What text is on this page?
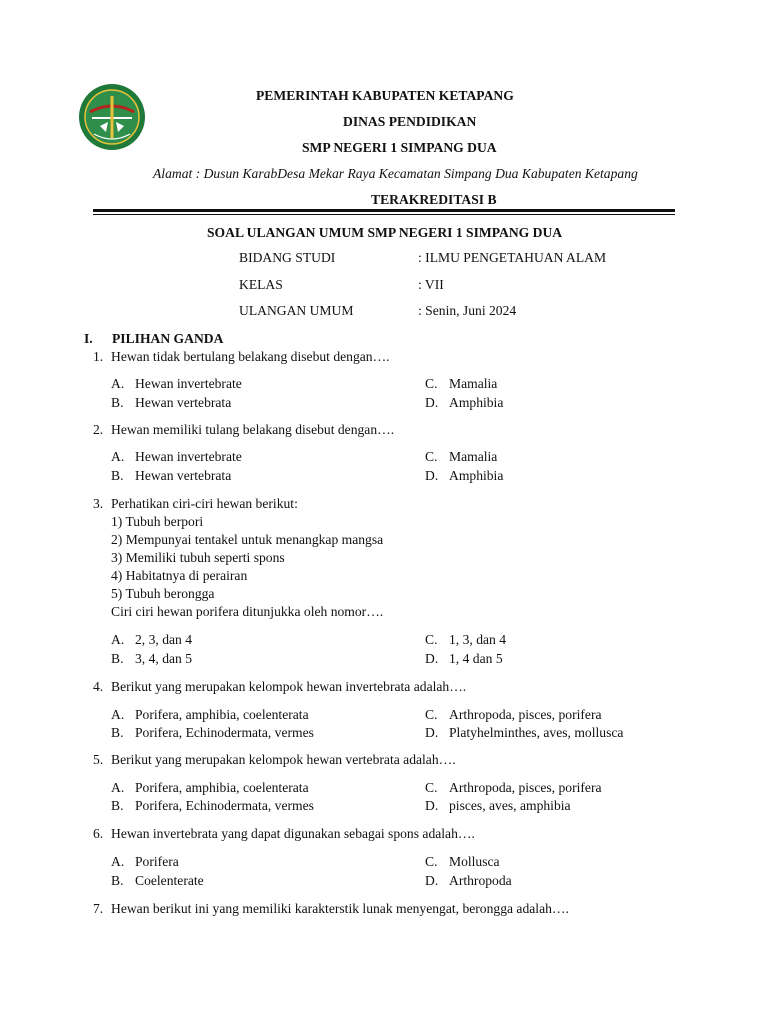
PEMERINTAH KABUPATEN KETAPANG
DINAS PENDIDIKAN
SMP NEGERI 1 SIMPANG DUA
Alamat : Dusun KarabDesa Mekar Raya Kecamatan Simpang Dua Kabupaten Ketapang
TERAKREDITASI B
SOAL ULANGAN UMUM SMP NEGERI 1 SIMPANG DUA
BIDANG STUDI	: ILMU PENGETAHUAN ALAM
KELAS	: VII
ULANGAN UMUM	: Senin, Juni 2024
I. PILIHAN GANDA
1. Hewan tidak bertulang belakang disebut dengan….
A. Hewan invertebrate	C. Mamalia
B. Hewan vertebrata	D. Amphibia
2. Hewan memiliki tulang belakang disebut dengan….
A. Hewan invertebrate	C. Mamalia
B. Hewan vertebrata	D. Amphibia
3. Perhatikan ciri-ciri hewan berikut:
1) Tubuh berpori
2) Mempunyai tentakel untuk menangkap mangsa
3) Memiliki tubuh seperti spons
4) Habitatnya di perairan
5) Tubuh berongga
Ciri ciri hewan porifera ditunjukka oleh nomor….
A. 2, 3, dan 4	C. 1, 3, dan 4
B. 3, 4, dan 5	D. 1, 4 dan 5
4. Berikut yang merupakan kelompok hewan invertebrata adalah….
A. Porifera, amphibia, coelenterata	C. Arthropoda, pisces, porifera
B. Porifera, Echinodermata, vermes	D. Platyhelminthes, aves, mollusca
5. Berikut yang merupakan kelompok hewan vertebrata adalah….
A. Porifera, amphibia, coelenterata	C. Arthropoda, pisces, porifera
B. Porifera, Echinodermata, vermes	D. pisces, aves, amphibia
6. Hewan invertebrata yang dapat digunakan sebagai spons adalah….
A. Porifera	C. Mollusca
B. Coelenterate	D. Arthropoda
7. Hewan berikut ini yang memiliki karakterstik lunak menyengat, berongga adalah….
